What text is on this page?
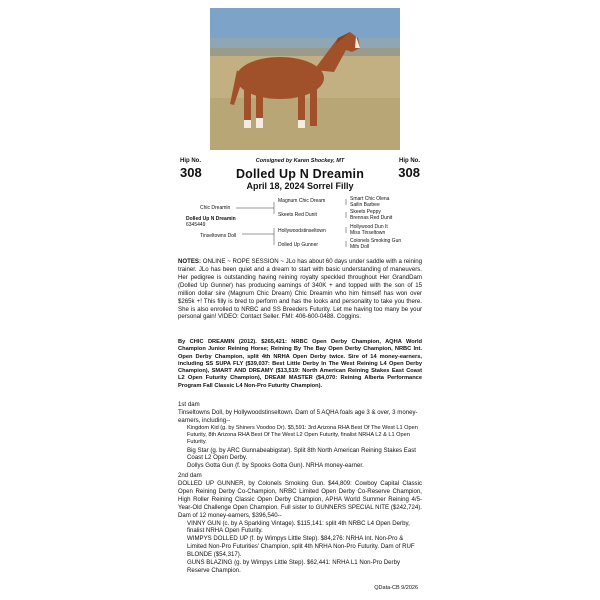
Hip No.
308
Hip No.
308
Consigned by Karen Shockey, MT
Dolled Up N Dreamin
April 18, 2024 Sorrel Filly
Chic Dreamin
Dolled Up N Dreamin
6345449
Tinseltowns Doll
Magnum Chic Dream
Skeets Red Dunit
Hollywoodstinseltown
Dolled Up Gunner
Smart Chic Olena
Sailin Barbee
Skeets Peppy
Brennas Red Dunit
Hollywood Dun It
Miss Tinseltown
Colonels Smoking Gun
Mifs Doll
NOTES: ONLINE ~ ROPE SESSION ~ JLo has about 60 days under saddle with a reining trainer. JLo has been quiet and a dream to start with basic understanding of maneuvers. Her pedigree is outstanding having reining royalty speckled throughout Her GrandDam (Dolled Up Gunner) has producing earnings of 340K + and topped with the son of 15 million dollar sire (Magnum Chic Dream) Chic Dreamin who him himself has won over $265k +! This filly is bred to perform and has the looks and personality to take you there. She is also enrolled to NRBC and SS Breeders Futurity. Let me having too many be your personal gain! VIDEO: Contact Seller. FMI: 406-600-0488. Coggins.

By CHIC DREAMIN (2012). $265,421: NRBC Open Derby Champion, AQHA World Champion Junior Reining Horse; Reining By The Bay Open Derby Champion, NRBC Int. Open Derby Champion, split 4th NRHA Open Derby twice. Sire of 14 money-earners, including SS SUPA FLY ($39,037: Best Little Derby In The West Reining L4 Open Derby Champion), SMART AND DREAMY ($13,519: North American Reining Stakes East Coast L2 Open Futurity Champion), DREAM MASTER ($4,070: Reining Alberta Performance Program Fall Classic L4 Non-Pro Futurity Champion).

1st dam

Tinseltowns Doll, by Hollywoodstinseltown. Dam of 5 AQHA foals age 3 & over, 3 money-earners, including--

Kingdom Kid (g. by Shiners Voodoo Dr). $5,591: 3rd Arizona RHA Best Of The West L1 Open Futurity, 8th Arizona RHA Best Of The West L2 Open Futurity, finalist NRHA L2 & L1 Open Futurity.

Big Star (g. by ARC Gunnabeabigstar). Split 8th North American Reining Stakes East Coast L2 Open Derby.

Dollys Gotta Gun (f. by Spooks Gotta Gun). NRHA money-earner.

2nd dam

DOLLED UP GUNNER, by Colonels Smoking Gun. $44,809: Cowboy Capital Classic Open Reining Derby Co-Champion, NRBC Limited Open Derby Co-Reserve Champion, High Roller Reining Classic Open Derby Champion, APHA World Summer Reining 4/5-Year-Old Challenge Open Champion. Full sister to GUNNERS SPECIAL NITE ($242,724). Dam of 12 money-earners, $396,540--

VINNY GUN (c. by A Sparkling Vintage). $115,141: split 4th NRBC L4 Open Derby, finalist NRHA Open Futurity.

WIMPYS DOLLED UP (f. by Wimpys Little Step). $84,276: NRHA Int. Non-Pro & Limited Non-Pro Futurities' Champion, split 4th NRHA Non-Pro Futurity. Dam of RUF BLONDE ($54,317).

GUNS BLAZING (g. by Wimpys Little Step). $62,441: NRHA L1 Non-Pro Derby Reserve Champion.

QData-CB 9/2026
